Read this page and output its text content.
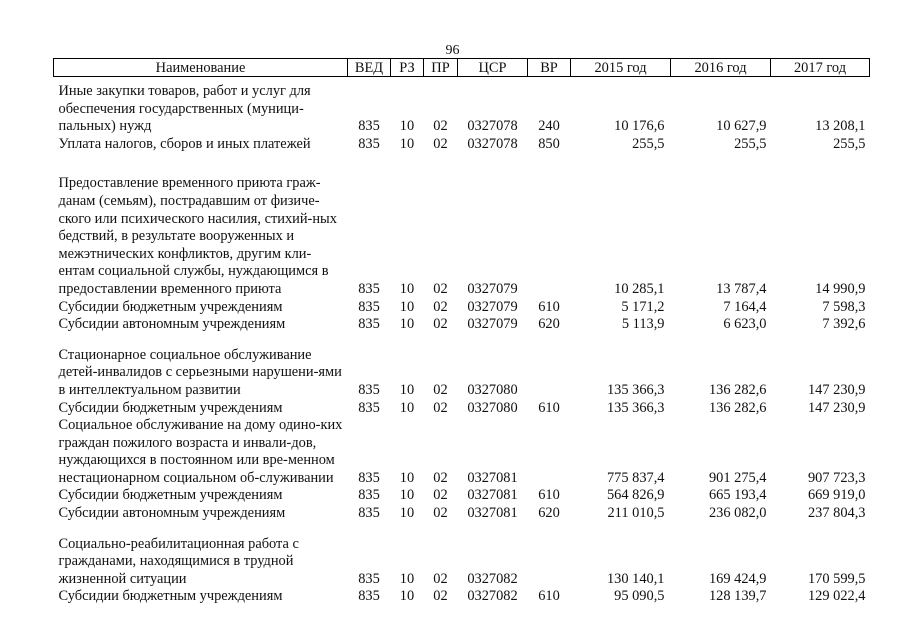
96
Наименование	ВЕД	РЗ	ПР	ЦСР	ВР	2015 год	2016 год	2017 год

Иные закупки товаров, работ и услуг для обеспечения государственных (муници-пальных) нужд	835	10	02	0327078	240	10 176,6	10 627,9	13 208,1
Уплата налогов, сборов и иных платежей	835	10	02	0327078	850	255,5	255,5	255,5

Предоставление временного приюта граж-данам (семьям), пострадавшим от физиче-ского или психического насилия, стихий-ных бедствий, в результате вооруженных и межэтнических конфликтов, другим кли-ентам социальной службы, нуждающимся в предоставлении временного приюта	835	10	02	0327079		10 285,1	13 787,4	14 990,9
Субсидии бюджетным учреждениям	835	10	02	0327079	610	5 171,2	7 164,4	7 598,3
Субсидии автономным учреждениям	835	10	02	0327079	620	5 113,9	6 623,0	7 392,6

Стационарное социальное обслуживание детей-инвалидов с серьезными нарушени-ями в интеллектуальном развитии	835	10	02	0327080		135 366,3	136 282,6	147 230,9
Субсидии бюджетным учреждениям	835	10	02	0327080	610	135 366,3	136 282,6	147 230,9
Социальное обслуживание на дому одино-ких граждан пожилого возраста и инвали-дов, нуждающихся в постоянном или вре-менном нестационарном социальном об-служивании	835	10	02	0327081		775 837,4	901 275,4	907 723,3
Субсидии бюджетным учреждениям	835	10	02	0327081	610	564 826,9	665 193,4	669 919,0
Субсидии автономным учреждениям	835	10	02	0327081	620	211 010,5	236 082,0	237 804,3

Социально-реабилитационная работа с гражданами, находящимися в трудной жизненной ситуации	835	10	02	0327082		130 140,1	169 424,9	170 599,5
Субсидии бюджетным учреждениям	835	10	02	0327082	610	95 090,5	128 139,7	129 022,4
